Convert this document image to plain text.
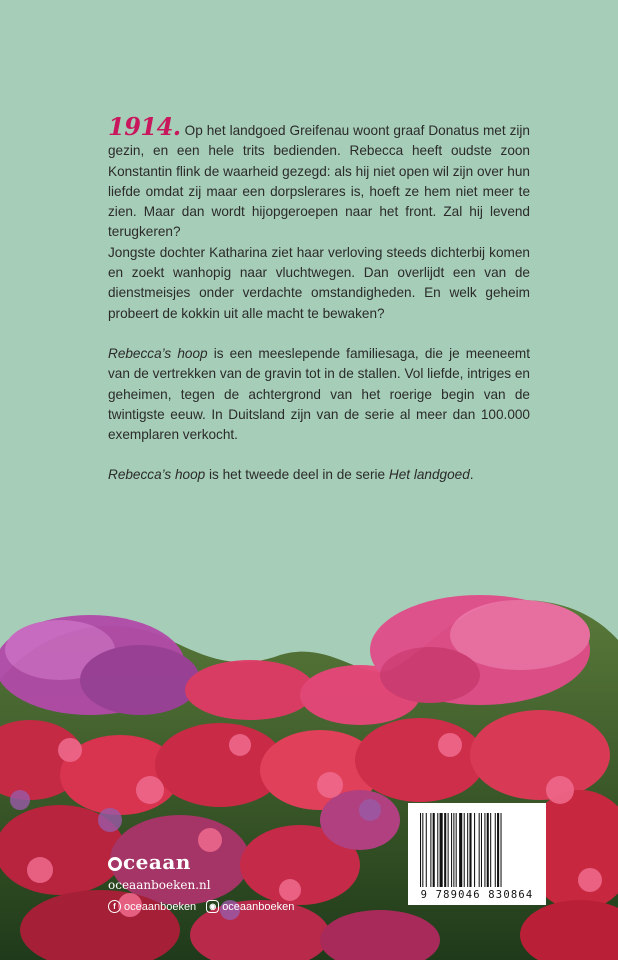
1914. Op het landgoed Greifenau woont graaf Donatus met zijn gezin, en een hele trits bedienden. Rebecca heeft oudste zoon Konstantin flink de waarheid gezegd: als hij niet open wil zijn over hun liefde omdat zij maar een dorpslerares is, hoeft ze hem niet meer te zien. Maar dan wordt hijopgeroepen naar het front. Zal hij levend terugkeren?

Jongste dochter Katharina ziet haar verloving steeds dichterbij komen en zoekt wanhopig naar vluchtwegen. Dan overlijdt een van de dienstmeisjes onder verdachte omstandigheden. En welk geheim probeert de kokkin uit alle macht te bewaken?

Rebecca’s hoop is een meeslepende familiesaga, die je meeneemt van de vertrekken van de gravin tot in de stallen. Vol liefde, intriges en geheimen, tegen de achtergrond van het roerige begin van de twintigste eeuw. In Duitsland zijn van de serie al meer dan 100.000 exemplaren verkocht.

Rebecca’s hoop is het tweede deel in de serie Het landgoed.

ceaan
oceaanboeken.nl
f oceaanboeken	◉ oceaanboeken
9 789046 830864
